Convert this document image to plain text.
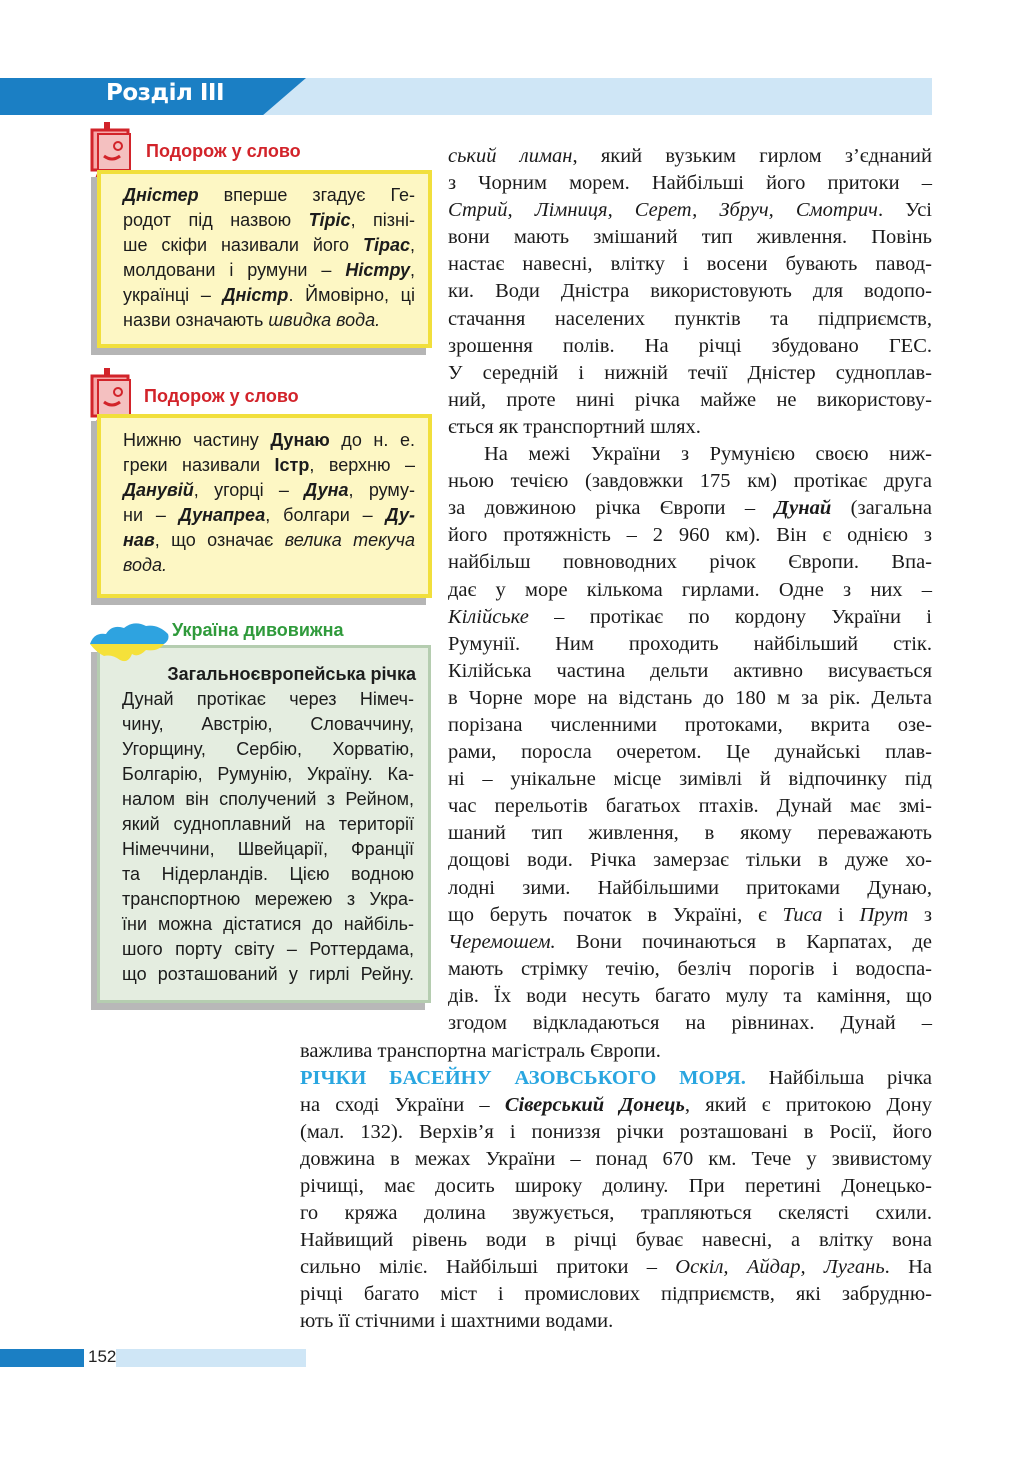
Розділ ІІІ
Подорож у слово
Дністер вперше згадує Ге-
родот під назвою Тіріс, пізні-
ше скіфи називали його Тірас,
молдовани і румуни – Ністру,
українці – Дністр. Ймовірно, ці
назви означають швидка вода.
Подорож у слово
Нижню частину Дунаю до н. е.
греки називали Істр, верхню –
Данувій, угорці – Дуна, руму-
ни – Дунапреа, болгари – Ду-
нав, що означає велика текуча
вода.
Загальноєвропейська річка
Дунай протікає через Німеч-
чину, Австрію, Словаччину,
Угорщину, Сербію, Хорватію,
Болгарію, Румунію, Україну. Ка-
налом він сполучений з Рейном,
який судноплавний на території
Німеччини, Швейцарії, Франції
та Нідерландів. Цією водною
транспортною мережею з Укра-
їни можна дістатися до найбіль-
шого порту світу – Роттердама,
що розташований у гирлі Рейну.
Україна дивовижна
ський лиман, який вузьким гирлом з’єднаний
з Чорним морем. Найбільші його притоки –
Стрий, Лімниця, Серет, Збруч, Смотрич. Усі
вони мають змішаний тип живлення. Повінь
настає навесні, влітку і восени бувають павод-
ки. Води Дністра використовують для водопо-
стачання населених пунктів та підприємств,
зрошення полів. На річці збудовано ГЕС.
У середній і нижній течії Дністер судноплав-
ний, проте нині річка майже не використову-
ється як транспортний шлях.
На межі України з Румунією своєю ниж-
ньою течією (завдовжки 175 км) протікає друга
за довжиною річка Європи – Дунай (загальна
його протяжність – 2 960 км). Він є однією з
найбільш повноводних річок Європи. Впа-
дає у море кількома гирлами. Одне з них –
Кілійське – протікає по кордону України і
Румунії. Ним проходить найбільший стік.
Кілійська частина дельти активно висувається
в Чорне море на відстань до 180 м за рік. Дельта
порізана численними протоками, вкрита озе-
рами, поросла очеретом. Це дунайські плав-
ні – унікальне місце зимівлі й відпочинку під
час перельотів багатьох птахів. Дунай має змі-
шаний тип живлення, в якому переважають
дощові води. Річка замерзає тільки в дуже хо-
лодні зими. Найбільшими притоками Дунаю,
що беруть початок в Україні, є Тиса і Прут з
Черемошем. Вони починаються в Карпатах, де
мають стрімку течію, безліч порогів і водоспа-
дів. Їх води несуть багато мулу та каміння, що
згодом відкладаються на рівнинах. Дунай –
важлива транспортна магістраль Європи.
РІЧКИ БАСЕЙНУ АЗОВСЬКОГО МОРЯ. Найбільша річка
на сході України – Сіверський Донець, який є притокою Дону
(мал. 132). Верхів’я і пониззя річки розташовані в Росії, його
довжина в межах України – понад 670 км. Тече у звивистому
річищі, має досить широку долину. При перетині Донецько-
го кряжа долина звужується, трапляються скелясті схили.
Найвищий рівень води в річці буває навесні, а влітку вона
сильно міліє. Найбільші притоки – Оскіл, Айдар, Лугань. На
річці багато міст і промислових підприємств, які забрудню-
ють її стічними і шахтними водами.
152
